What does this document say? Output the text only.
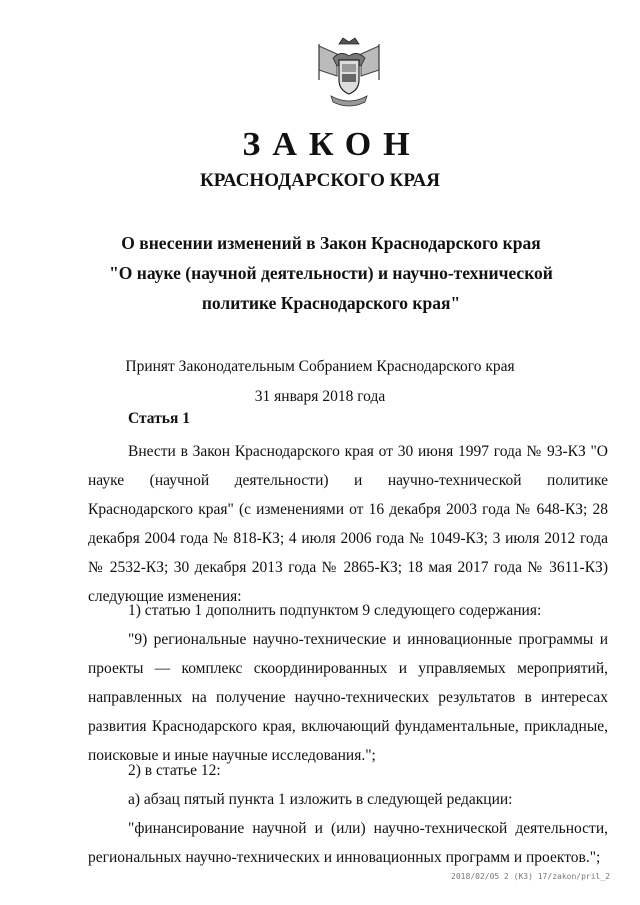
ЗАКОН
КРАСНОДАРСКОГО КРАЯ
О внесении изменений в Закон Краснодарского края
"О науке (научной деятельности) и научно-технической
политике Краснодарского края"
Принят Законодательным Собранием Краснодарского края
31 января 2018 года
Статья 1
Внести в Закон Краснодарского края от 30 июня 1997 года № 93-КЗ "О науке (научной деятельности) и научно-технической политике Краснодарского края" (с изменениями от 16 декабря 2003 года № 648-КЗ; 28 декабря 2004 года № 818-КЗ; 4 июля 2006 года № 1049-КЗ; 3 июля 2012 года № 2532-КЗ; 30 декабря 2013 года № 2865-КЗ; 18 мая 2017 года № 3611-КЗ) следующие изменения:
1) статью 1 дополнить подпунктом 9 следующего содержания:
"9) региональные научно-технические и инновационные программы и проекты — комплекс скоординированных и управляемых мероприятий, направленных на получение научно-технических результатов в интересах развития Краснодарского края, включающий фундаментальные, прикладные, поисковые и иные научные исследования.";
2) в статье 12:
а) абзац пятый пункта 1 изложить в следующей редакции:
"финансирование научной и (или) научно-технической деятельности, региональных научно-технических и инновационных программ и проектов.";
2018/02/05 2 (КЗ) 17/zakon/pril_2
